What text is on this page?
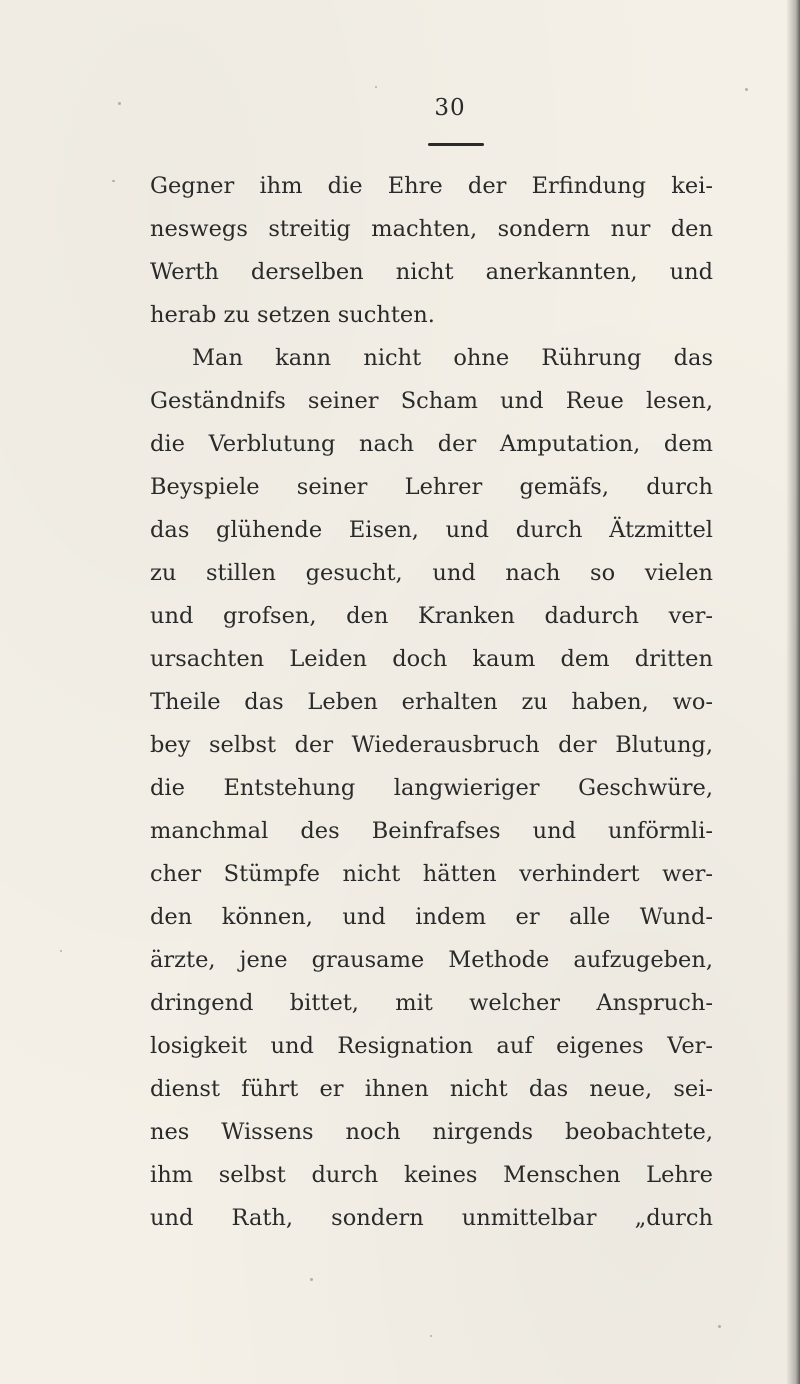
30
Gegner ihm die Ehre der Erfindung kei-
neswegs streitig machten, sondern nur den
Werth derselben nicht anerkannten, und
herab zu setzen suchten.
Man kann nicht ohne Rührung das
Geständnifs seiner Scham und Reue lesen,
die Verblutung nach der Amputation, dem
Beyspiele seiner Lehrer gemäfs, durch
das glühende Eisen, und durch Ätzmittel
zu stillen gesucht, und nach so vielen
und grofsen, den Kranken dadurch ver-
ursachten Leiden doch kaum dem dritten
Theile das Leben erhalten zu haben, wo-
bey selbst der Wiederausbruch der Blutung,
die Entstehung langwieriger Geschwüre,
manchmal des Beinfrafses und unförmli-
cher Stümpfe nicht hätten verhindert wer-
den können, und indem er alle Wund-
ärzte, jene grausame Methode aufzugeben,
dringend bittet, mit welcher Anspruch-
losigkeit und Resignation auf eigenes Ver-
dienst führt er ihnen nicht das neue, sei-
nes Wissens noch nirgends beobachtete,
ihm selbst durch keines Menschen Lehre
und Rath, sondern unmittelbar „durch
